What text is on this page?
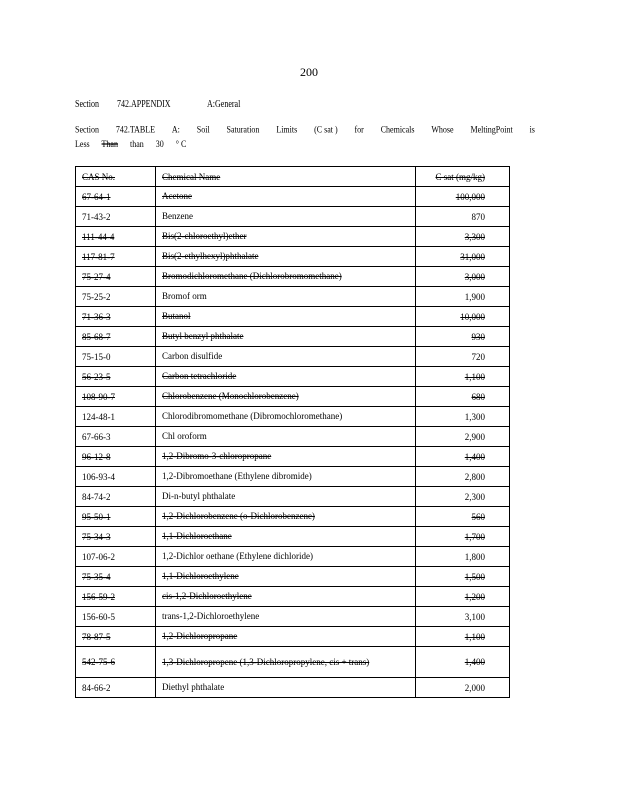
200
Section 742.APPENDIX	A:General
Section 742.TABLE A: Soil Saturation Limits (C sat ) for Chemicals Whose MeltingPoint is
Less Than than 30 ° C
CAS No.	Chemical Name	C sat (mg/kg)
67-64-1	Acetone	100,000
71-43-2	Benzene	870
111-44-4	Bis(2-chloroethyl)ether	3,300
117-81-7	Bis(2-ethylhexyl)phthalate	31,000
75-27-4	Bromodichloromethane (Dichlorobromomethane)	3,000
75-25-2	Bromof orm	1,900
71-36-3	Butanol	10,000
85-68-7	Butyl benzyl phthalate	930
75-15-0	Carbon disulfide	720
56-23-5	Carbon tetrachloride	1,100
108-90-7	Chlorobenzene (Monochlorobenzene)	680
124-48-1	Chlorodibromomethane (Dibromochloromethane)	1,300
67-66-3	Chl oroform	2,900
96-12-8	1,2-Dibromo-3-chloropropane	1,400
106-93-4	1,2-Dibromoethane (Ethylene dibromide)	2,800
84-74-2	Di-n-butyl phthalate	2,300
95-50-1	1,2-Dichlorobenzene (o-Dichlorobenzene)	560
75-34-3	1,1-Dichloroethane	1,700
107-06-2	1,2-Dichlor oethane (Ethylene dichloride)	1,800
75-35-4	1,1-Dichloroethylene	1,500
156-59-2	cis-1,2-Dichloroethylene	1,200
156-60-5	trans-1,2-Dichloroethylene	3,100
78-87-5	1,2-Dichloropropane	1,100
542-75-6	1,3-Dichloropropene (1,3-Dichloropropylene, cis + trans)	1,400
84-66-2	Diethyl phthalate	2,000
